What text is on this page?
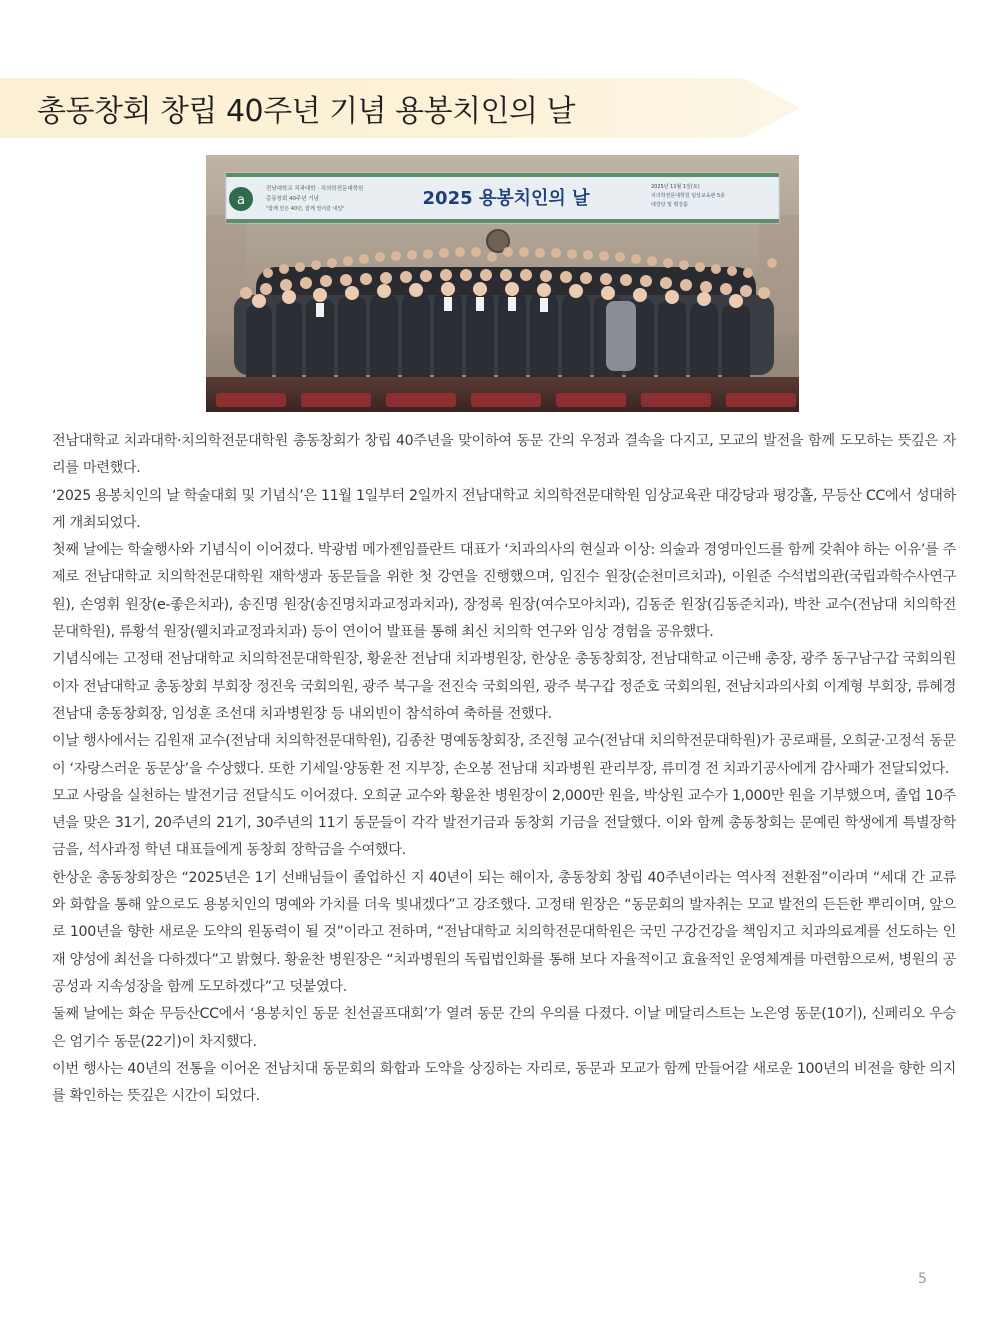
총동창회 창립 40주년 기념 용봉치인의 날
a
전남대학교 치과대학 · 치의학전문대학원
총동창회 40주년 기념
"함께 만든 40년, 함께 열어갈 내일"	2025 용봉치인의 날
2025년 11월 1일(토)
치의학전문대학원 임상교육관 5층
대강당 및 평강홀

전남대학교 치과대학·치의학전문대학원 총동창회가 창립 40주년을 맞이하여 동문 간의 우정과 결속을 다지고, 모교의 발전을 함께 도모하는 뜻깊은 자리를 마련했다.

‘2025 용봉치인의 날 학술대회 및 기념식’은 11월 1일부터 2일까지 전남대학교 치의학전문대학원 임상교육관 대강당과 평강홀, 무등산 CC에서 성대하게 개최되었다.

첫째 날에는 학술행사와 기념식이 이어졌다. 박광범 메가젠임플란트 대표가 ‘치과의사의 현실과 이상: 의술과 경영마인드를 함께 갖춰야 하는 이유’를 주제로 전남대학교 치의학전문대학원 재학생과 동문들을 위한 첫 강연을 진행했으며, 임진수 원장(순천미르치과), 이원준 수석법의관(국립과학수사연구원), 손영휘 원장(e-좋은치과), 송진명 원장(송진명치과교정과치과), 장정록 원장(여수모아치과), 김동준 원장(김동준치과), 박찬 교수(전남대 치의학전문대학원), 류황석 원장(웰치과교정과치과) 등이 연이어 발표를 통해 최신 치의학 연구와 임상 경험을 공유했다.

기념식에는 고정태 전남대학교 치의학전문대학원장, 황윤찬 전남대 치과병원장, 한상운 총동창회장, 전남대학교 이근배 총장, 광주 동구남구갑 국회의원이자 전남대학교 총동창회 부회장 정진욱 국회의원, 광주 북구을 전진숙 국회의원, 광주 북구갑 정준호 국회의원, 전남치과의사회 이계형 부회장, 류혜경 전남대 총동창회장, 임성훈 조선대 치과병원장 등 내외빈이 참석하여 축하를 전했다.

이날 행사에서는 김원재 교수(전남대 치의학전문대학원), 김종찬 명예동창회장, 조진형 교수(전남대 치의학전문대학원)가 공로패를, 오희균·고정석 동문이 ‘자랑스러운 동문상’을 수상했다. 또한 기세일·양동환 전 지부장, 손오봉 전남대 치과병원 관리부장, 류미경 전 치과기공사에게 감사패가 전달되었다.

모교 사랑을 실천하는 발전기금 전달식도 이어졌다. 오희균 교수와 황윤찬 병원장이 2,000만 원을, 박상원 교수가 1,000만 원을 기부했으며, 졸업 10주년을 맞은 31기, 20주년의 21기, 30주년의 11기 동문들이 각각 발전기금과 동창회 기금을 전달했다. 이와 함께 총동창회는 문예린 학생에게 특별장학금을, 석사과정 학년 대표들에게 동창회 장학금을 수여했다.

한상운 총동창회장은 “2025년은 1기 선배님들이 졸업하신 지 40년이 되는 해이자, 총동창회 창립 40주년이라는 역사적 전환점”이라며 “세대 간 교류와 화합을 통해 앞으로도 용봉치인의 명예와 가치를 더욱 빛내겠다”고 강조했다. 고정태 원장은 “동문회의 발자취는 모교 발전의 든든한 뿌리이며, 앞으로 100년을 향한 새로운 도약의 원동력이 될 것”이라고 전하며, “전남대학교 치의학전문대학원은 국민 구강건강을 책임지고 치과의료계를 선도하는 인재 양성에 최선을 다하겠다”고 밝혔다. 황윤찬 병원장은 “치과병원의 독립법인화를 통해 보다 자율적이고 효율적인 운영체계를 마련함으로써, 병원의 공공성과 지속성장을 함께 도모하겠다”고 덧붙였다.

둘째 날에는 화순 무등산CC에서 ‘용봉치인 동문 친선골프대회’가 열려 동문 간의 우의를 다졌다. 이날 메달리스트는 노은영 동문(10기), 신페리오 우승은 엄기수 동문(22기)이 차지했다.

이번 행사는 40년의 전통을 이어온 전남치대 동문회의 화합과 도약을 상징하는 자리로, 동문과 모교가 함께 만들어갈 새로운 100년의 비전을 향한 의지를 확인하는 뜻깊은 시간이 되었다.

5
